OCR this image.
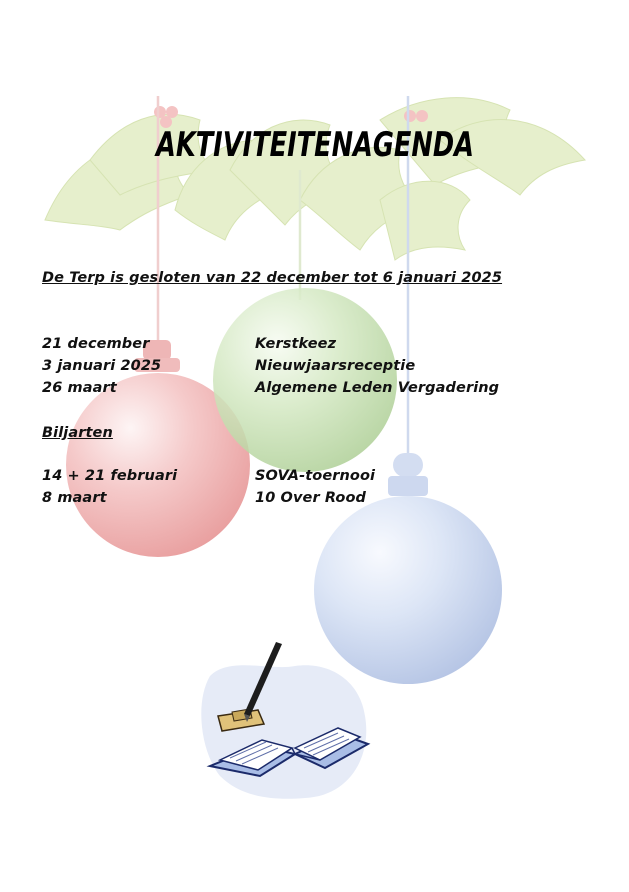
AKTIVITEITENAGENDA
De Terp is gesloten van 22 december tot 6 januari 2025
21 december	Kerstkeez
3 januari 2025	Nieuwjaarsreceptie
26 maart	Algemene Leden Vergadering
Biljarten
14 + 21 februari	SOVA-toernooi
8 maart	10 Over Rood
